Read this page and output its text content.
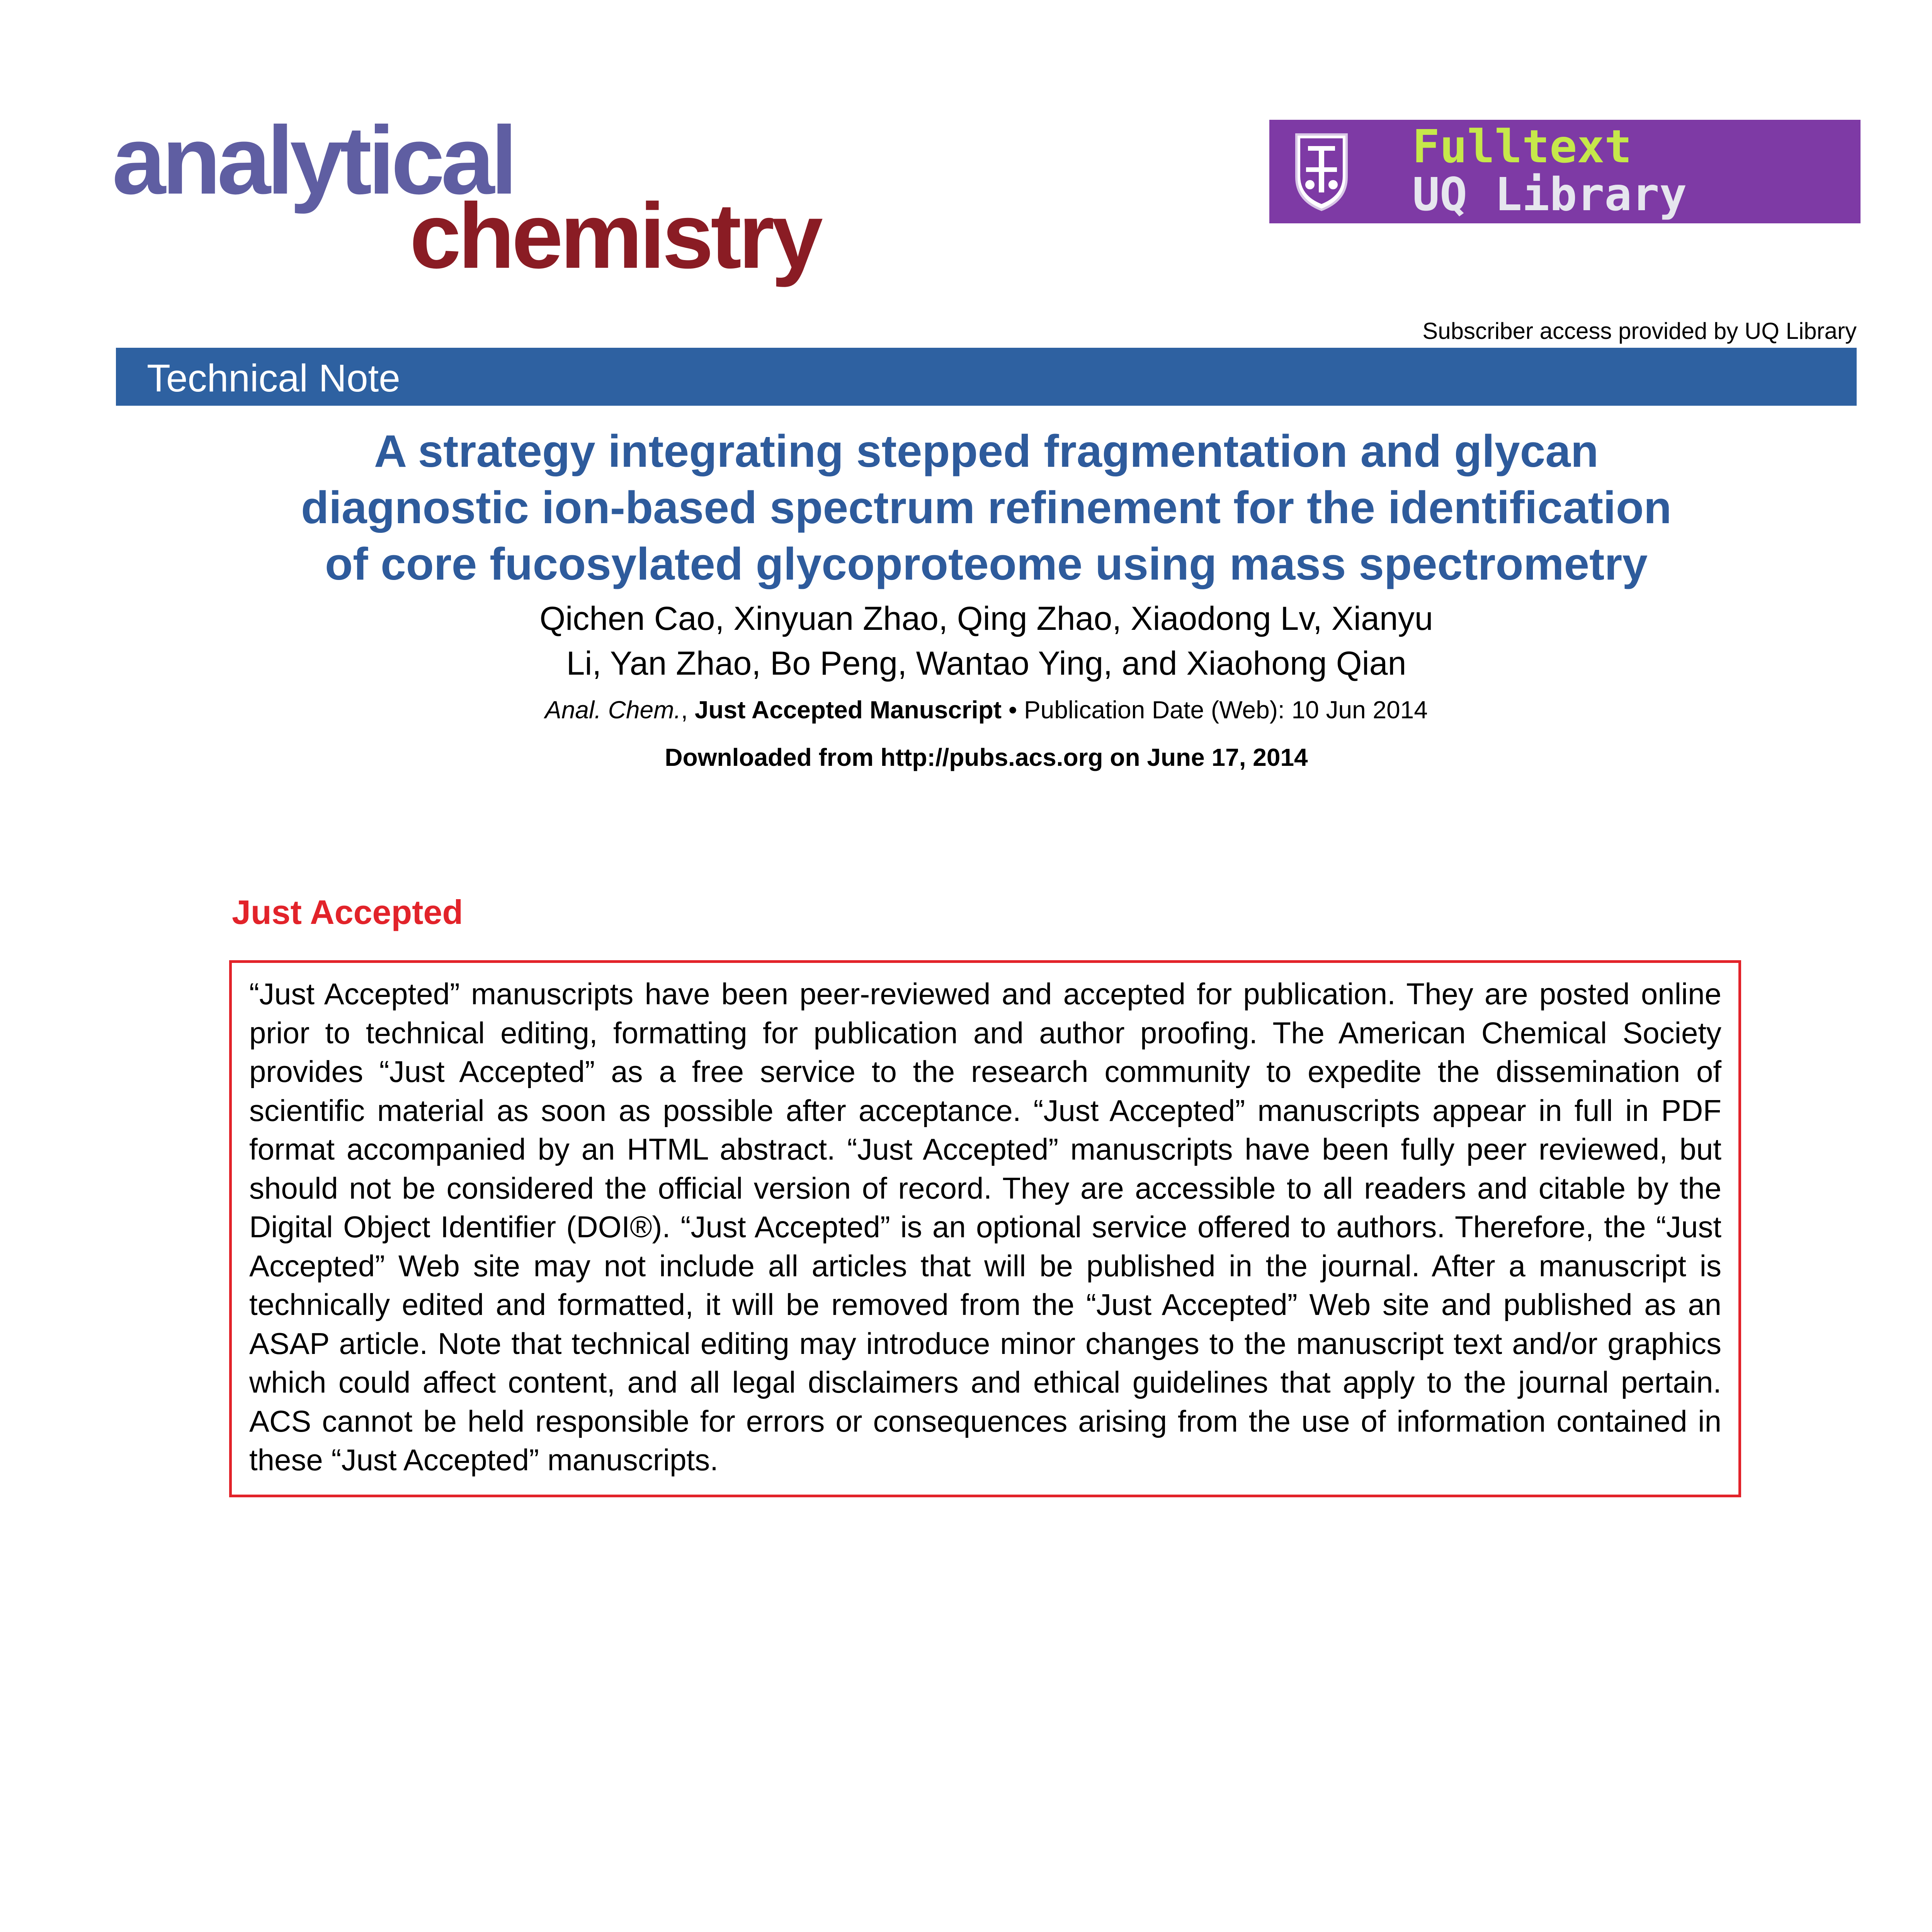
analytical
chemistry
Fulltext
UQ Library
Subscriber access provided by UQ Library
Technical Note
A strategy integrating stepped fragmentation and glycan
diagnostic ion-based spectrum refinement for the identification
of core fucosylated glycoproteome using mass spectrometry
Qichen Cao, Xinyuan Zhao, Qing Zhao, Xiaodong Lv, Xianyu
Li, Yan Zhao, Bo Peng, Wantao Ying, and Xiaohong Qian
Anal. Chem., Just Accepted Manuscript • Publication Date (Web): 10 Jun 2014
Downloaded from http://pubs.acs.org on June 17, 2014
Just Accepted

“Just Accepted” manuscripts have been peer-reviewed and accepted for publication. They are posted online prior to technical editing, formatting for publication and author proofing. The American Chemical Society provides “Just Accepted” as a free service to the research community to expedite the dissemination of scientific material as soon as possible after acceptance. “Just Accepted” manuscripts appear in full in PDF format accompanied by an HTML abstract. “Just Accepted” manuscripts have been fully peer reviewed, but should not be considered the official version of record. They are accessible to all readers and citable by the Digital Object Identifier (DOI®). “Just Accepted” is an optional service offered to authors. Therefore, the “Just Accepted” Web site may not include all articles that will be published in the journal. After a manuscript is technically edited and formatted, it will be removed from the “Just Accepted” Web site and published as an ASAP article. Note that technical editing may introduce minor changes to the manuscript text and/or graphics which could affect content, and all legal disclaimers and ethical guidelines that apply to the journal pertain. ACS cannot be held responsible for errors or consequences arising from the use of information contained in these “Just Accepted” manuscripts.
